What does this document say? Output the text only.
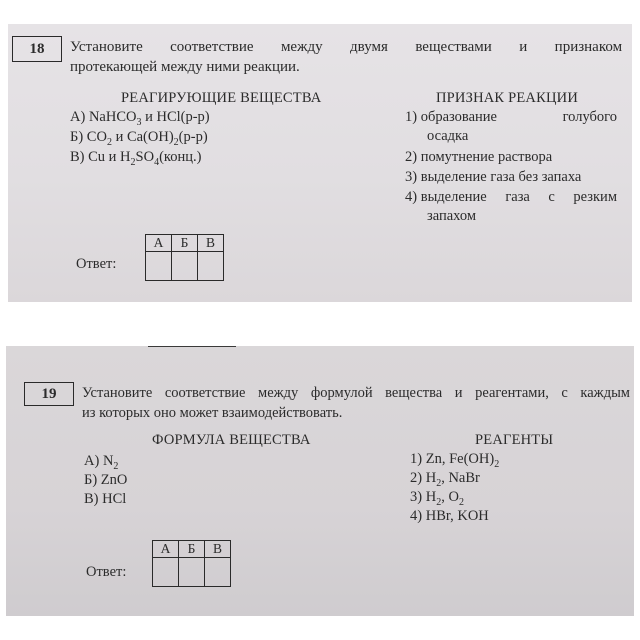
18 Установите соответствие между двумя веществами и признаком
протекающей между ними реакции.
РЕАГИРУЮЩИЕ ВЕЩЕСТВА	ПРИЗНАК РЕАКЦИИ
А) NaHCO$_3$ и HCl(р-р)
Б) $CO_2$ и $Ca(OH)_2(р-р)$
В) Cu и $H_2SO_4(конц.)$
1) образование	голубого
осадка
2) помутнение раствора
3) выделение газа без запаха
4) выделение газа с резким
запахом
Ответ:
А	Б	В

19 Установите соответствие между формулой вещества и реагентами, с каждым
из которых оно может взаимодействовать.
ФОРМУЛА ВЕЩЕСТВА	РЕАГЕНТЫ
А) $N_2$
Б) ZnO
В) HCl
1) Zn, $Fe(OH)_2$
2) $H_2$, NaBr
3) $H_2$, $O_2$
4) HBr, KOH
Ответ:
А	Б	В
